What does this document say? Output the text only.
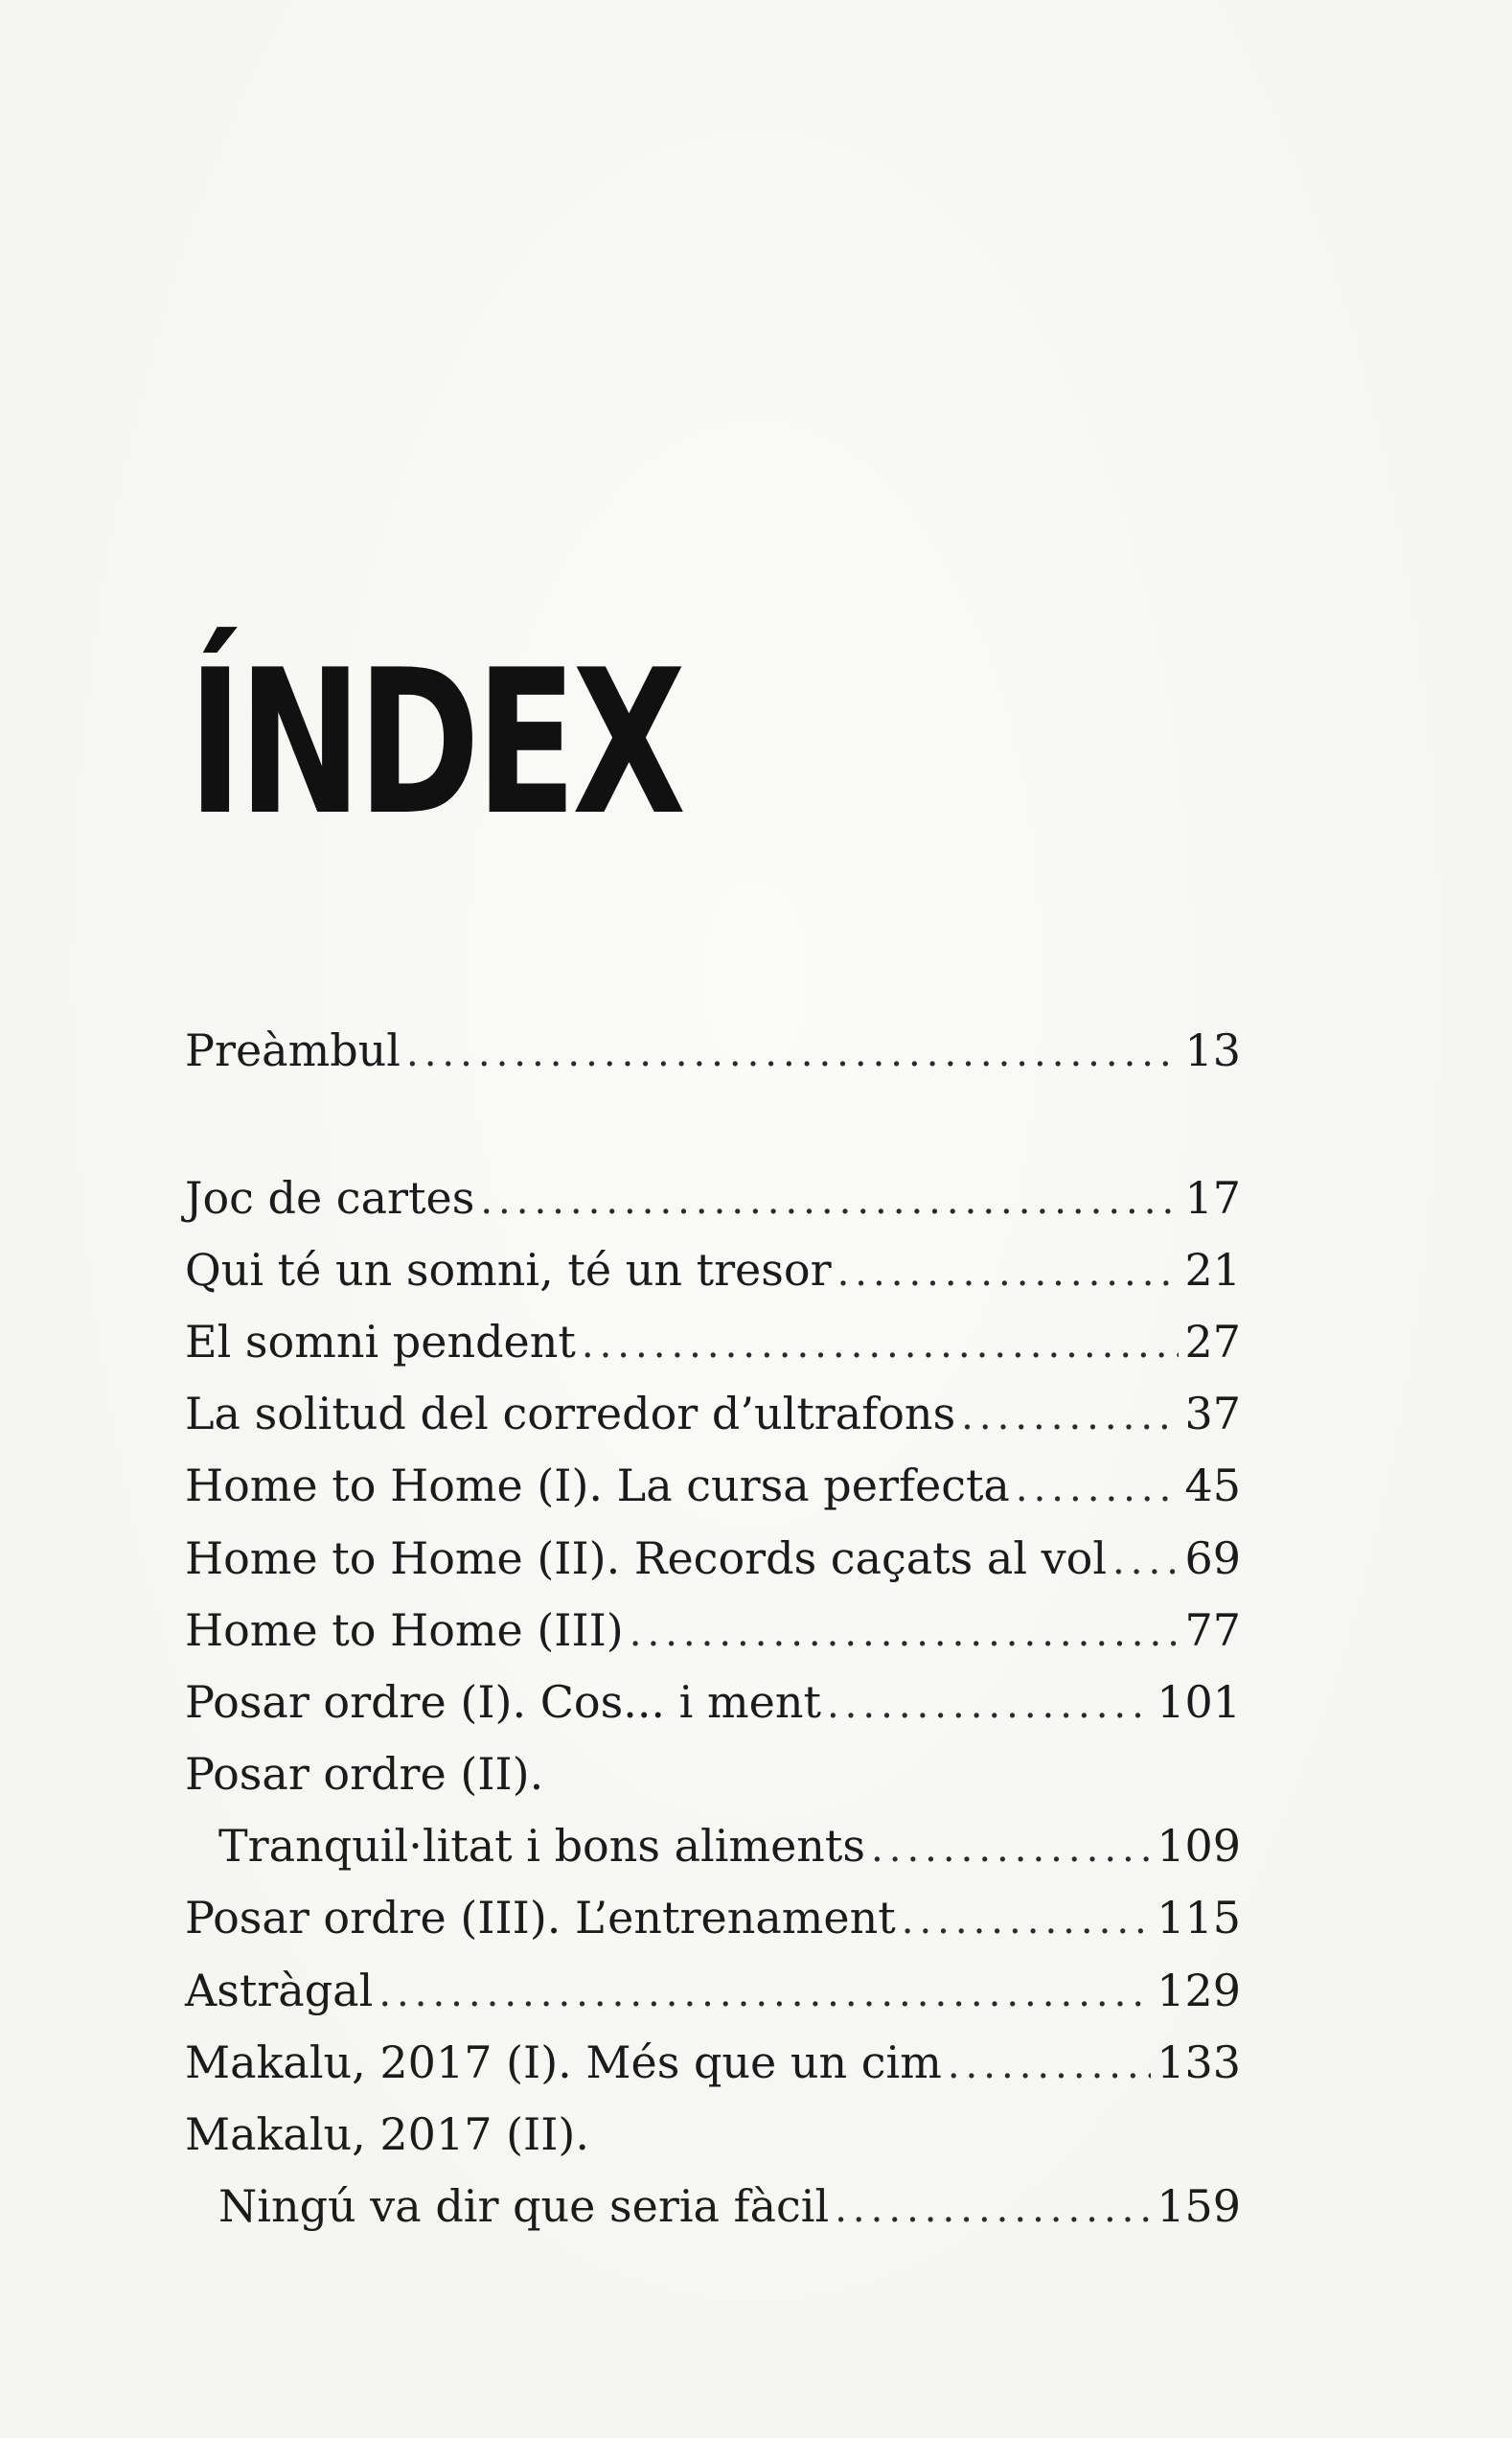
ÍNDEX
Preàmbul .....	13
Joc de cartes .....	17
Qui té un somni, té un tresor .....	21
El somni pendent .....	27
La solitud del corredor d’ultrafons .....	37
Home to Home (I). La cursa perfecta .....	45
Home to Home (II). Records caçats al vol ..... 69
Home to Home (III) .....	77
Posar ordre (I). Cos... i ment .....	101
Posar ordre (II).
Tranquil·litat i bons aliments .....	109
Posar ordre (III). L’entrenament .....	115
Astràgal .....	129
Makalu, 2017 (I). Més que un cim .....	133
Makalu, 2017 (II).
Ningú va dir que seria fàcil .....	159
